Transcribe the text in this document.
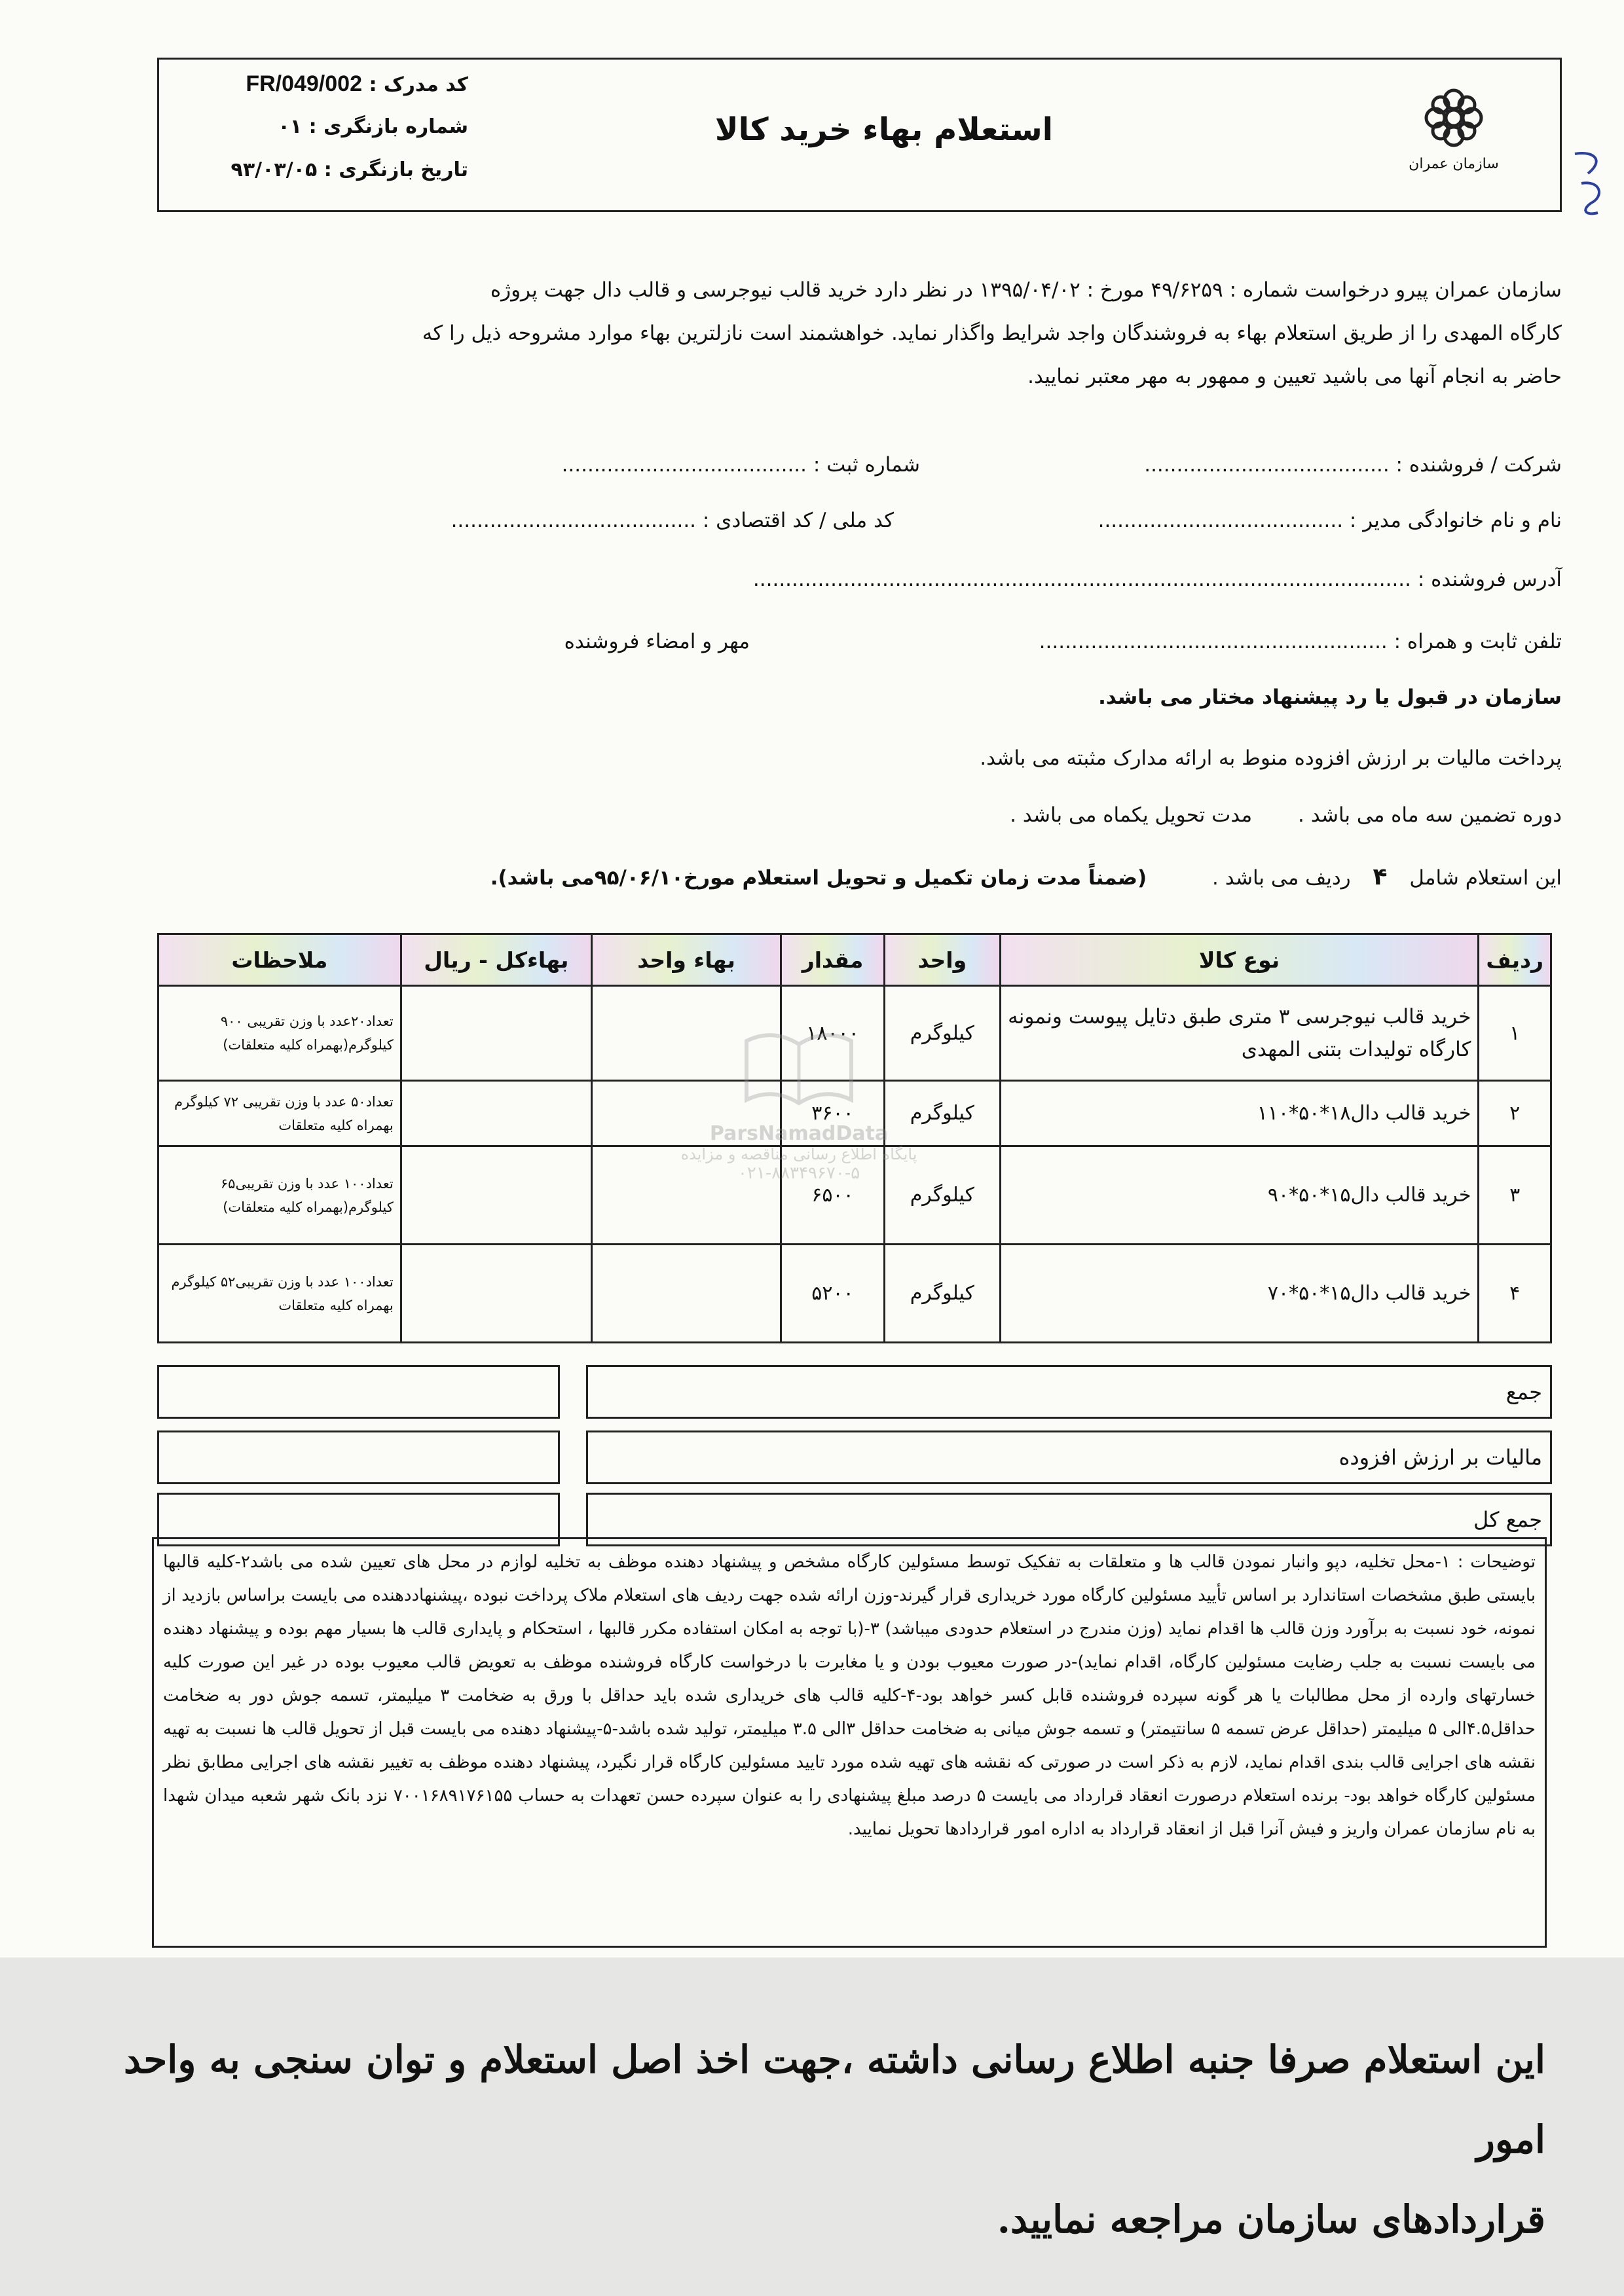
سازمان عمران
استعلام بهاء خرید کالا
کد مدرک : FR/049/002
شماره بازنگری : ۰۱
تاریخ بازنگری : ۹۳/۰۳/۰۵
سازمان عمران پیرو درخواست شماره : ۴۹/۶۲۵۹ مورخ : ۱۳۹۵/۰۴/۰۲ در نظر دارد خرید قالب نیوجرسی و قالب دال جهت پروژه
کارگاه المهدی را از طریق استعلام بهاء به فروشندگان واجد شرایط واگذار نماید. خواهشمند است نازلترین بهاء موارد مشروحه ذیل را که
حاضر به انجام آنها می باشید تعیین و ممهور به مهر معتبر نمایید.
شرکت / فروشنده : ......................................
شماره ثبت : ......................................
نام و نام خانوادگی مدیر : ......................................
کد ملی / کد اقتصادی : ......................................
آدرس فروشنده : ......................................................................................................
تلفن ثابت و همراه : ......................................................
مهر و امضاء فروشنده
سازمان در قبول یا رد پیشنهاد مختار می باشد.
پرداخت مالیات بر ارزش افزوده منوط به ارائه مدارک مثبته می باشد.
دوره تضمین سه ماه می باشد . مدت تحویل یکماه می باشد .
این استعلام شامل ۴ ردیف می باشد . (ضمناً مدت زمان تکمیل و تحویل استعلام مورخ۹۵/۰۶/۱۰می باشد).
ردیف	نوع کالا	واحد	مقدار	بهاء واحد	بهاءکل - ریال	ملاحظات
۱	خرید قالب نیوجرسی ۳ متری طبق دتایل پیوست ونمونه کارگاه تولیدات بتنی المهدی	کیلوگرم	۱۸۰۰۰			تعداد۲۰عدد با وزن تقریبی ۹۰۰ کیلوگرم(بهمراه کلیه متعلقات)
۲	خرید قالب دال۱۸*۵۰*۱۱۰	کیلوگرم	۳۶۰۰			تعداد۵۰ عدد با وزن تقریبی ۷۲ کیلوگرم بهمراه کلیه متعلقات
۳	خرید قالب دال۱۵*۵۰*۹۰	کیلوگرم	۶۵۰۰			تعداد۱۰۰ عدد با وزن تقریبی۶۵ کیلوگرم(بهمراه کلیه متعلقات)
۴	خرید قالب دال۱۵*۵۰*۷۰	کیلوگرم	۵۲۰۰			تعداد۱۰۰ عدد با وزن تقریبی۵۲ کیلوگرم بهمراه کلیه متعلقات
ParsNamadData
پایگاه اطلاع رسانی مناقصه و مزایده
۰۲۱-۸۸۳۴۹۶۷۰-۵
جمع
مالیات بر ارزش افزوده
جمع کل
توضیحات : ۱-محل تخلیه، دپو وانبار نمودن قالب ها و متعلقات به تفکیک توسط مسئولین کارگاه مشخص و پیشنهاد دهنده موظف به تخلیه لوازم در محل های تعیین شده می باشد۲-کلیه قالبها بایستی طبق مشخصات استاندارد بر اساس تأیید مسئولین کارگاه مورد خریداری قرار گیرند-وزن ارائه شده جهت ردیف های استعلام ملاک پرداخت نبوده ،پیشنهاددهنده می بایست براساس بازدید از نمونه، خود نسبت به برآورد وزن قالب ها اقدام نماید (وزن مندرج در استعلام حدودی میباشد) ۳-(با توجه به امکان استفاده مکرر قالبها ، استحکام و پایداری قالب ها بسیار مهم بوده و پیشنهاد دهنده می بایست نسبت به جلب رضایت مسئولین کارگاه، اقدام نماید)-در صورت معیوب بودن و یا مغایرت با درخواست کارگاه فروشنده موظف به تعویض قالب معیوب بوده در غیر این صورت کلیه خسارتهای وارده از محل مطالبات یا هر گونه سپرده فروشنده قابل کسر خواهد بود-۴-کلیه قالب های خریداری شده باید حداقل با ورق به ضخامت ۳ میلیمتر، تسمه جوش دور به ضخامت حداقل۴.۵الی ۵ میلیمتر (حداقل عرض تسمه ۵ سانتیمتر) و تسمه جوش میانی به ضخامت حداقل ۳الی ۳.۵ میلیمتر، تولید شده باشد-۵-پیشنهاد دهنده می بایست قبل از تحویل قالب ها نسبت به تهیه نقشه های اجرایی قالب بندی اقدام نماید، لازم به ذکر است در صورتی که نقشه های تهیه شده مورد تایید مسئولین کارگاه قرار نگیرد، پیشنهاد دهنده موظف به تغییر نقشه های اجرایی مطابق نظر مسئولین کارگاه خواهد بود- برنده استعلام درصورت انعقاد قرارداد می بایست ۵ درصد مبلغ پیشنهادی را به عنوان سپرده حسن تعهدات به حساب ۷۰۰۱۶۸۹۱۷۶۱۵۵ نزد بانک شهر شعبه میدان شهدا به نام سازمان عمران واریز و فیش آنرا قبل از انعقاد قرارداد به اداره امور قراردادها تحویل نمایید.
این استعلام صرفا جنبه اطلاع رسانی داشته ،جهت اخذ اصل استعلام و توان سنجی به واحد امور
قراردادهای سازمان مراجعه نمایید.
